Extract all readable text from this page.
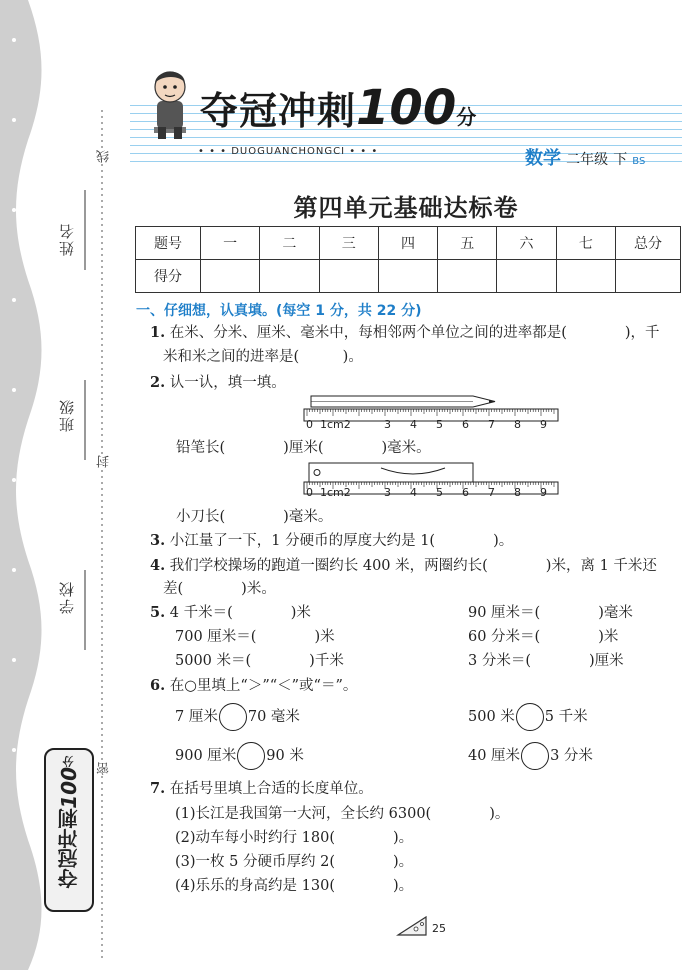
姓名
班级
学校
线
封
密
夺冠冲刺100分
夺冠冲刺100分
• • • DUOGUANCHONGCI • • •	数学 二年级 下 BS
第四单元基础达标卷
题号	一	二	三	四	五	六	七	总分
得分								
一、仔细想，认真填。(每空 1 分，共 22 分)
1. 在米、分米、厘米、毫米中，每相邻两个单位之间的进率都是(　　　　)，千
米和米之间的进率是(　　　)。
2. 认一认，填一填。
0 1cm2	3 4 5 6 7 8 9
铅笔长(　　　　)厘米(　　　　)毫米。
0 1cm2	3 4 5 6 7 8 9
小刀长(　　　　)毫米。
3. 小江量了一下，1 分硬币的厚度大约是 1(　　　　)。
4. 我们学校操场的跑道一圈约长 400 米，两圈约长(　　　　)米，离 1 千米还
差(　　　　)米。
5. 4 千米＝(　　　　)米	90 厘米＝(　　　　)毫米
700 厘米＝(　　　　)米	60 分米＝(　　　　)米
5000 米＝(　　　　)千米	3 分米＝(　　　　)厘米
6. 在○里填上“＞”“＜”或“＝”。
7 厘米 70 毫米	500 米 5 千米
900 厘米 90 米	40 厘米 3 分米
7. 在括号里填上合适的长度单位。
(1)长江是我国第一大河，全长约 6300(　　　　)。
(2)动车每小时约行 180(　　　　)。
(3)一枚 5 分硬币厚约 2(　　　　)。
(4)乐乐的身高约是 130(　　　　)。
25
